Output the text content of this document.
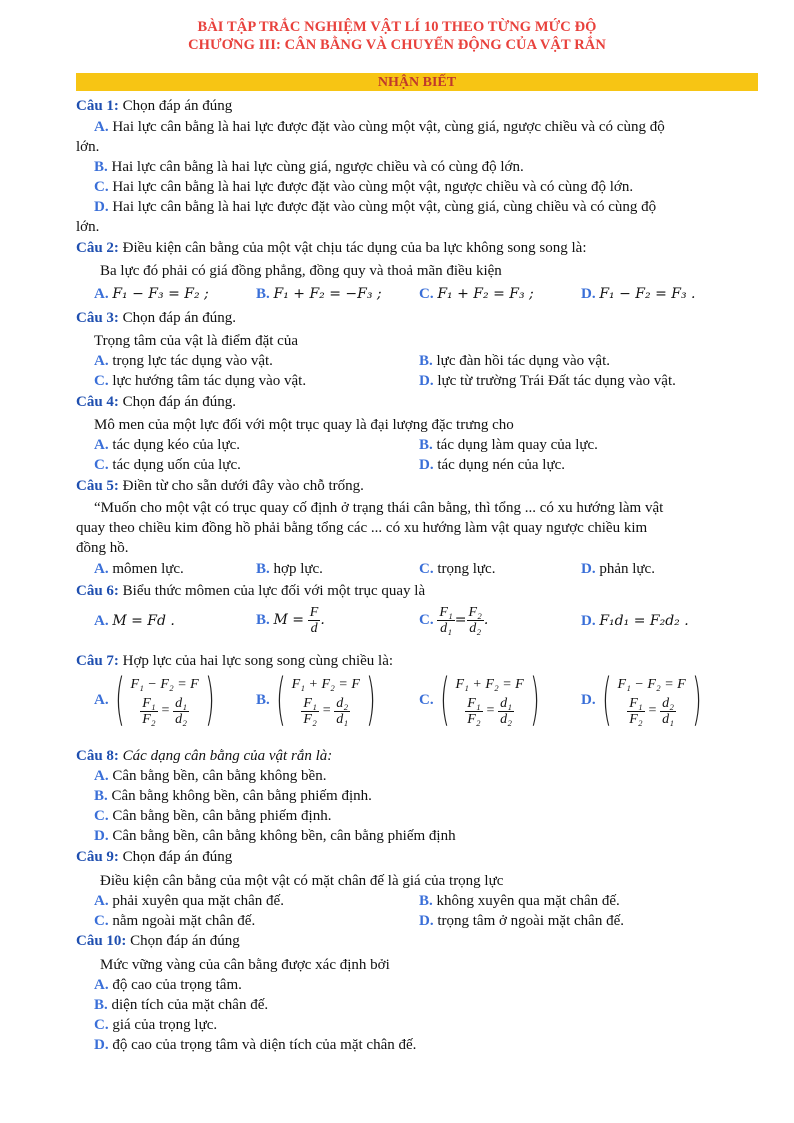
BÀI TẬP TRẮC NGHIỆM VẬT LÍ 10 THEO TỪNG MỨC ĐỘ
CHƯƠNG III: CÂN BẰNG VÀ CHUYỂN ĐỘNG CỦA VẬT RẮN
NHẬN BIẾT
Câu 1: Chọn đáp án đúng
A. Hai lực cân bằng là hai lực được đặt vào cùng một vật, cùng giá, ngược chiều và có cùng độ
lớn.
B. Hai lực cân bằng là hai lực cùng giá, ngược chiều và có cùng độ lớn.
C. Hai lực cân bằng là hai lực được đặt vào cùng một vật, ngược chiều và có cùng độ lớn.
D. Hai lực cân bằng là hai lực được đặt vào cùng một vật, cùng giá, cùng chiều và có cùng độ
lớn.
Câu 2: Điều kiện cân bằng của một vật chịu tác dụng của ba lực không song song là:
Ba lực đó phải có giá đồng phẳng, đồng quy và thoả mãn điều kiện
A. F₁ − F₃ = F₂ ;	B. F₁ + F₂ = −F₃ ; C. F₁ + F₂ = F₃ ;	D. F₁ − F₂ = F₃ .
Câu 3: Chọn đáp án đúng.
Trọng tâm của vật là điểm đặt của
A. trọng lực tác dụng vào vật.	B. lực đàn hồi tác dụng vào vật.
C. lực hướng tâm tác dụng vào vật.	D. lực từ trường Trái Đất tác dụng vào vật.
Câu 4: Chọn đáp án đúng.
Mô men của một lực đối với một trục quay là đại lượng đặc trưng cho
A. tác dụng kéo của lực.	B. tác dụng làm quay của lực.
C. tác dụng uốn của lực.	D. tác dụng nén của lực.
Câu 5: Điền từ cho sẵn dưới đây vào chỗ trống.
“Muốn cho một vật có trục quay cố định ở trạng thái cân bằng, thì tổng ... có xu hướng làm vật
quay theo chiều kim đồng hồ phải bằng tổng các ... có xu hướng làm vật quay ngược chiều kim
đồng hồ.
A. mômen lực.	B. hợp lực.	C. trọng lực.	D. phản lực.
Câu 6: Biểu thức mômen của lực đối với một trục quay là
A. M = Fd .	B. $M = \frac{F}{d}$ .	C. $\frac{\text{F₁}}{\text{d₁}} = \frac{\text{F₂}}{\text{d₂}}$ .	D. F₁d₁ = F₂d₂ .
Câu 7: Hợp lực của hai lực song song cùng chiều là:
A. ( F₁ − F₂ = F
$\frac{\text{F₁}}{\text{F₂}} = \frac{\text{d₁}}{\text{d₂}}$ )	B. ( F₁ + F₂ = F
$\frac{\text{F₁}}{\text{F₂}} = \frac{\text{d₂}}{\text{d₁}}$ )	C. ( F₁ + F₂ = F
$\frac{\text{F₁}}{\text{F₂}} = \frac{\text{d₁}}{\text{d₂}}$ )	D. ( F₁ − F₂ = F
$\frac{\text{F₁}}{\text{F₂}} = \frac{\text{d₂}}{\text{d₁}}$ )
Câu 8: Các dạng cân bằng của vật rắn là:
A. Cân bằng bền, cân bằng không bền.
B. Cân bằng không bền, cân bằng phiếm định.
C. Cân bằng bền, cân bằng phiếm định.
D. Cân bằng bền, cân bằng không bền, cân bằng phiếm định
Câu 9: Chọn đáp án đúng
Điều kiện cân bằng của một vật có mặt chân đế là giá của trọng lực
A. phải xuyên qua mặt chân đế.	B. không xuyên qua mặt chân đế.
C. nằm ngoài mặt chân đế.	D. trọng tâm ở ngoài mặt chân đế.
Câu 10: Chọn đáp án đúng
Mức vững vàng của cân bằng được xác định bởi
A. độ cao của trọng tâm.
B. diện tích của mặt chân đế.
C. giá của trọng lực.
D. độ cao của trọng tâm và diện tích của mặt chân đế.
